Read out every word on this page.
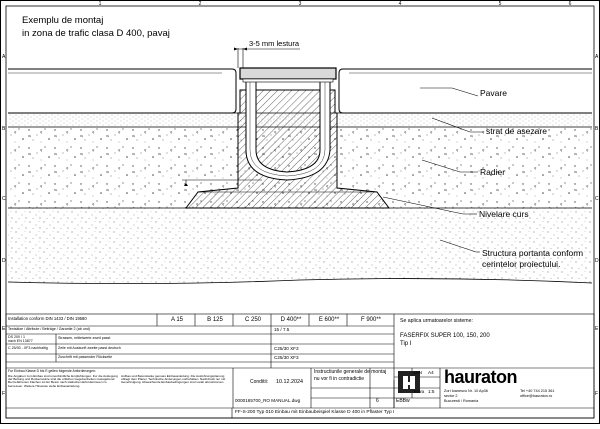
1	2	3	4	5	6
A
B
C
D
E
F
A
B
C
D
E
F
Exemplu de montaj
in zona de trafic clasa D 400, pavaj
3-5 mm lestura
Pavare
strat de asezare
Radier
Nivelare curs
Structura portanta conform
cerintelor proiectului.
Installation conform DIN 1433 / DIN 19580	A 15	B 125	C 250	D 400**	E 600**	F 900**
Textsätze / Attribute / Beiträge / Garantie 2 (ab und)	15 / 7.5
DS 200 / 1
nach EN 13877
Strassen, mittelwerte zweit passt
C 25/30 - XF3 nachhaltig	Zeile mit Auskunft zweite passt deutsch	C25/30 XF3
Zuschrift mit passender Rückseite	C25/30 XF3
Se aplica urmatoarelor sisteme:
FASERFIX SUPER 100, 150, 200
Tip I
Fur Einbau Klasse D bis E gelten folgende Anforderungen:
Die Angaben zum Einbau sind unverbindliche Empfehlungen. Fur die Auslegung der Bettung und Ruckenstutze sind die ortlichen Gegebenheiten massgebend. Bei befahrenen Flachen ist der Beton nach statischen Erfordernissen zu bemessen. Weitere Hinweise siehe Einbauanleitung.
Aufbau und Betonstarke gemass Einbauanleitung. Die Ausfuhrungsplanung obliegt dem Planer. Technische Anderungen vorbehalten. Nachdruck nur mit Genehmigung. Abweichende Einbaubedingungen sind vorab abzustimmen.	Conditii:	10.12.2024
Instructiunile generale de montaj
nu vor fi in contradictie
0000165700_RO MANUAL.dwg	6	EBBw
DIN	A4
scara 1:5
hauraton
Zori Ioanescu Nr. 10 Ap36
sector 2
Bucuresti / Romania
Tel +40 744 215 361
office@hauraton.ro
FF-S-200 Typ 010 Einbau mit Einbaubeispiel Klasse D 400 in Pflaster Typ I
